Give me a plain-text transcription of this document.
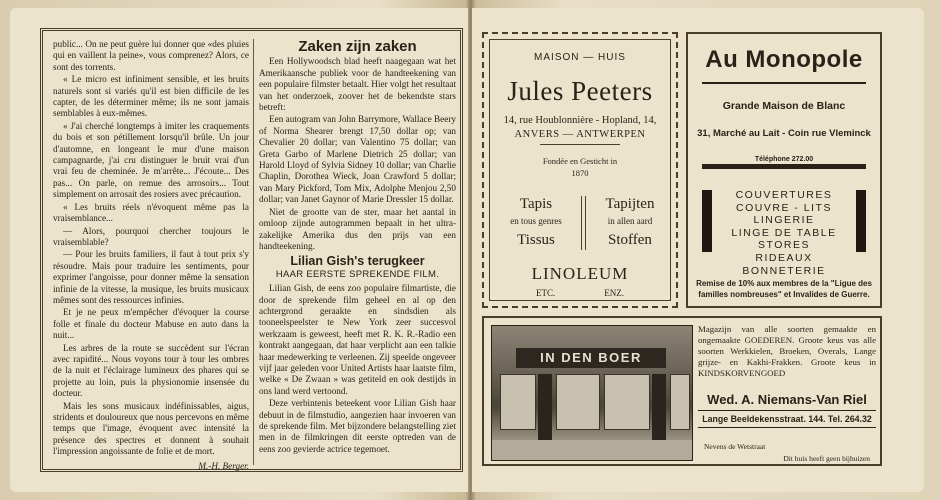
public... On ne peut guère lui donner que «des pluies qui en vaillent la peine», vous comprenez? Alors, ce sont des torrents.

« Le micro est infiniment sensible, et les bruits naturels sont si variés qu'il est bien difficile de les capter, de les déterminer même; ils ne sont jamais semblables à eux-mêmes.

« J'ai cherché longtemps à imiter les craquements du bois et son pétillement lorsqu'il brûle. Un jour d'automne, en longeant le mur d'une maison campagnarde, j'ai cru distinguer le bruit vrai d'un vrai feu de cheminée. Je m'arrête... J'écoute... Des pas... On parle, on remue des arrosoirs... Tout simplement on arrosait des rosiers avec précaution.

« Les bruits réels n'évoquent même pas la vraisemblance...

— Alors, pourquoi chercher toujours le vraisemblable?

— Pour les bruits familiers, il faut à tout prix s'y résoudre. Mais pour traduire les sentiments, pour exprimer l'angoisse, pour donner même la sensation infinie de la vitesse, la musique, les bruits musicaux mêmes sont des ressources infinies.

Et je ne peux m'empêcher d'évoquer la course folle et finale du docteur Mabuse en auto dans la nuit...

Les arbres de la route se succèdent sur l'écran avec rapidité... Nous voyons tour à tour les ombres de la nuit et l'éclairage lumineux des phares qui se projette au loin, puis la physionomie insensée du docteur.

Mais les sons musicaux indéfinissables, aigus, stridents et douloureux que nous percevons en même temps que l'image, évoquent avec intensité la présence des spectres et donnent à souhait l'impression angoissante de folie et de mort.

M.-H. Berger.
Zaken zijn zaken

Een Hollywoodsch blad heeft naagegaan wat het Amerikaansche publiek voor de handteekening van een populaire filmster betaalt. Hier volgt het resultaat van het onderzoek, zoover het de bekendste stars betreft:

Een autogram van John Barrymore, Wallace Beery of Norma Shearer brengt 17,50 dollar op; van Chevalier 20 dollar; van Valentino 75 dollar; van Greta Garbo of Marlene Dietrich 25 dollar; van Harold Lloyd of Sylvia Sidney 10 dollar; van Charlie Chaplin, Dorothea Wieck, Joan Crawford 5 dollar; van Mary Pickford, Tom Mix, Adolphe Menjou 2,50 dollar; van Janet Gaynor of Marie Dressler 15 dollar.

Niet de grootte van de ster, maar het aantal in omloop zijnde autogrammen bepaalt in het ultra-zakelijke Amerika dus den prijs van een handteekening.

Lilian Gish's terugkeer
HAAR EERSTE SPREKENDE FILM.

Lilian Gish, de eens zoo populaire filmartiste, die door de sprekende film geheel en al op den achtergrond geraakte en sindsdien als tooneelspeelster te New York zeer succesvol werkzaam is geweest, heeft met R. K. R.-Radio een kontrakt aangegaan, dat haar verplicht aan een talkie haar medewerking te verleenen. Zij speelde ongeveer vijf jaar geleden voor United Artists haar laatste film, welke « De Zwaan » was getiteld en ook destijds in ons land werd vertoond.

Deze verbintenis beteekent voor Lilian Gish haar debuut in de filmstudio, aangezien haar invoeren van de sprekende film. Met bijzondere belangstelling ziet men in de filmkringen dit eerste optreden van de eens zoo gevierde actrice tegemoet.

MAISON — HUIS
Jules Peeters
14, rue Houblonnière - Hopland, 14,
ANVERS — ANTWERPEN
Fondée en Gesticht in
1870
Tapis
en tous genres
Tissus
Tapijten
in allen aard
Stoffen
LINOLEUM
ETC.	ENZ.
Au Monopole
Grande Maison de Blanc
31, Marché au Lait - Coin rue Vleminck
Téléphone 272.00
COUVERTURES
COUVRE - LITS
LINGERIE
LINGE DE TABLE
STORES
RIDEAUX
BONNETERIE
Remise de 10% aux membres de la "Ligue des
familles nombreuses" et Invalides de Guerre.
IN DEN BOER
Magazijn van alle soorten gemaakte en ongemaakte GOEDEREN. Groote keus vas alle soorten Werkkielen, Broeken, Overals, Lange grijze- en Kakhi-Frakken. Groote keus in KINDSKORVENGOED
Wed. A. Niemans-Van Riel
Lange Beeldekensstraat. 144. Tel. 264.32
Nevens de Wetstraat
Dit huis heeft geen bijhuizen
